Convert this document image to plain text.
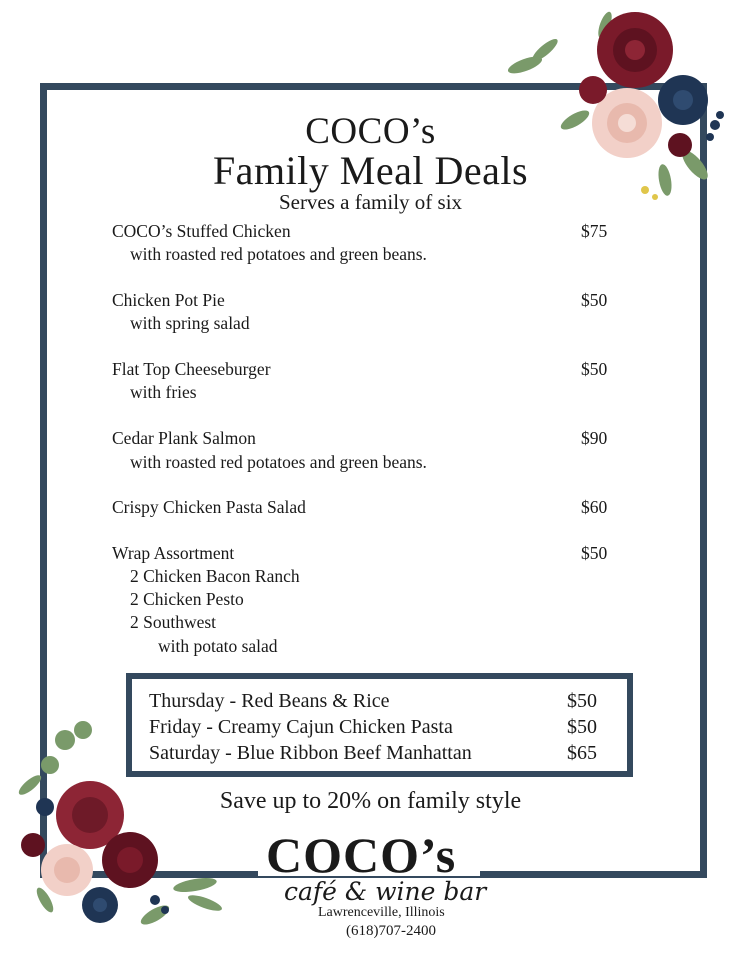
COCO’s
Family Meal Deals
Serves a family of six
COCO’s Stuffed Chicken	$75
with roasted red potatoes and green beans.
Chicken Pot Pie	$50
with spring salad
Flat Top Cheeseburger	$50
with fries
Cedar Plank Salmon	$90
with roasted red potatoes and green beans.
Crispy Chicken Pasta Salad	$60
Wrap Assortment	$50
2 Chicken Bacon Ranch
2 Chicken Pesto
2 Southwest
with potato salad
Thursday - Red Beans & Rice	$50
Friday - Creamy Cajun Chicken Pasta	$50
Saturday - Blue Ribbon Beef Manhattan	$65
Save up to 20% on family style
COCO’s
café & wine bar
Lawrenceville, Illinois
(618)707-2400
